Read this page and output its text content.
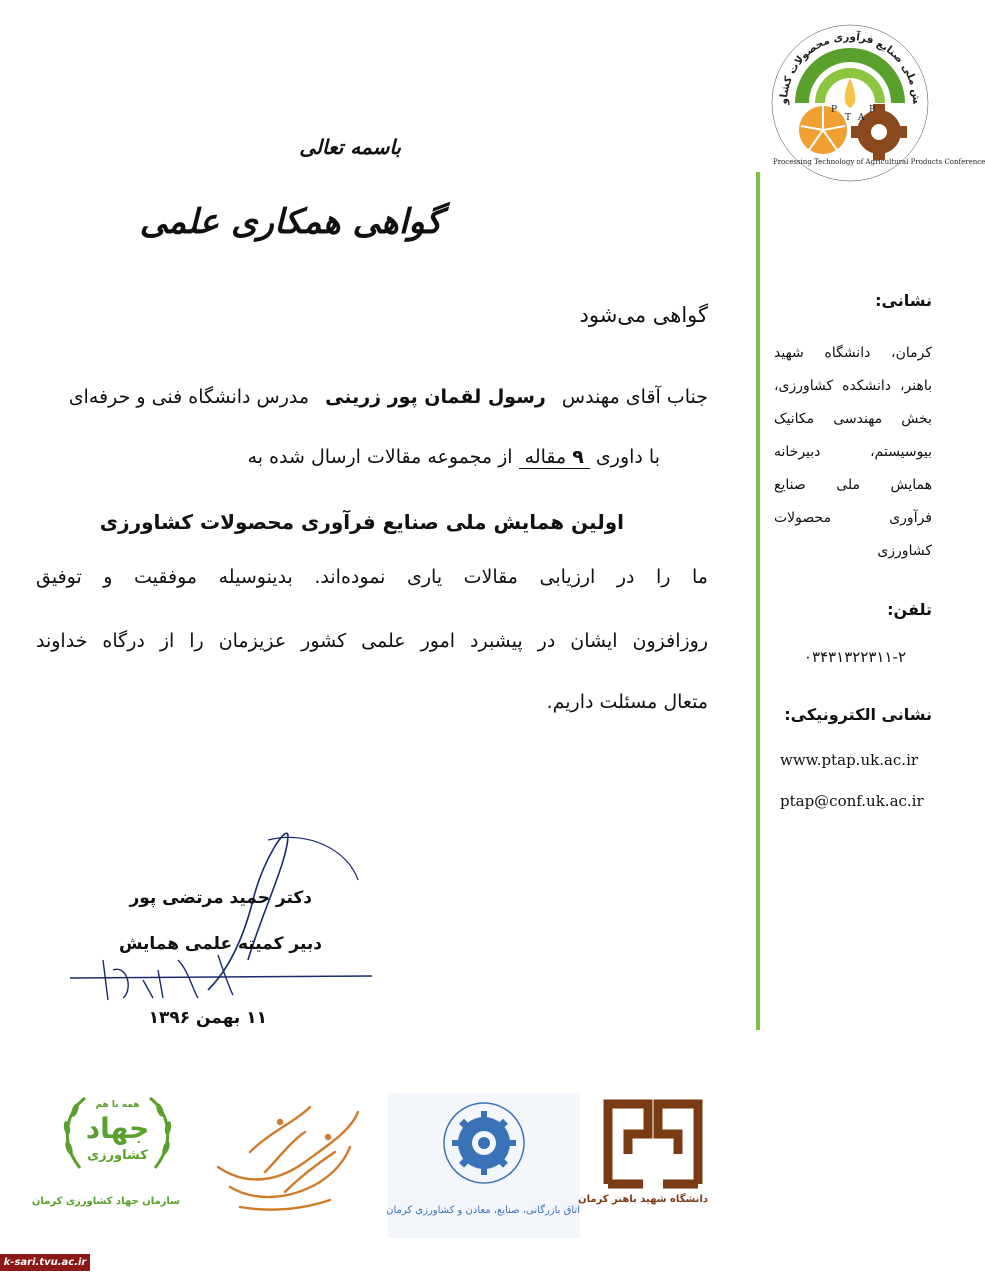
ش ملی صنایع فرآوری محصولات کشاو
P
T A
P
Processing Technology of Agricultural Products Conference
نشانی:
کرمان، دانشگاه شهید
باهنر، دانشکده کشاورزی،
بخش مهندسی مکانیک
بیوسیستم، دبیرخانه
همایش ملی صنایع
فرآوری محصولات
کشاورزی
تلفن:
۰۳۴۳۱۳۲۲۳۱۱-۲
نشانی الکترونیکی:
www.ptap.uk.ac.ir
ptap@conf.uk.ac.ir
باسمه تعالی
گواهی همکاری علمی
گواهی می‌شود
جناب آقای مهندس رسول لقمان پور زرینی مدرس دانشگاه فنی و حرفه‌ای
با داوری ۹ مقاله از مجموعه مقالات ارسال شده به
اولین همایش ملی صنایع فرآوری محصولات کشاورزی
ما را در ارزیابی مقالات یاری نموده‌اند. بدینوسیله موفقیت و توفیق
روزافزون ایشان در پیشبرد امور علمی کشور عزیزمان را از درگاه خداوند
متعال مسئلت داریم.
دکتر حمید مرتضی پور
دبیر کمیته علمی همایش
۱۱ بهمن ۱۳۹۶
همه با هم
جهاد
کشاورزی
سازمان جهاد کشاورزی کرمان
اتاق بازرگانی، صنایع، معادن و کشاورزی کرمان
دانشگاه شهید باهنر کرمان
k-sari.tvu.ac.ir
